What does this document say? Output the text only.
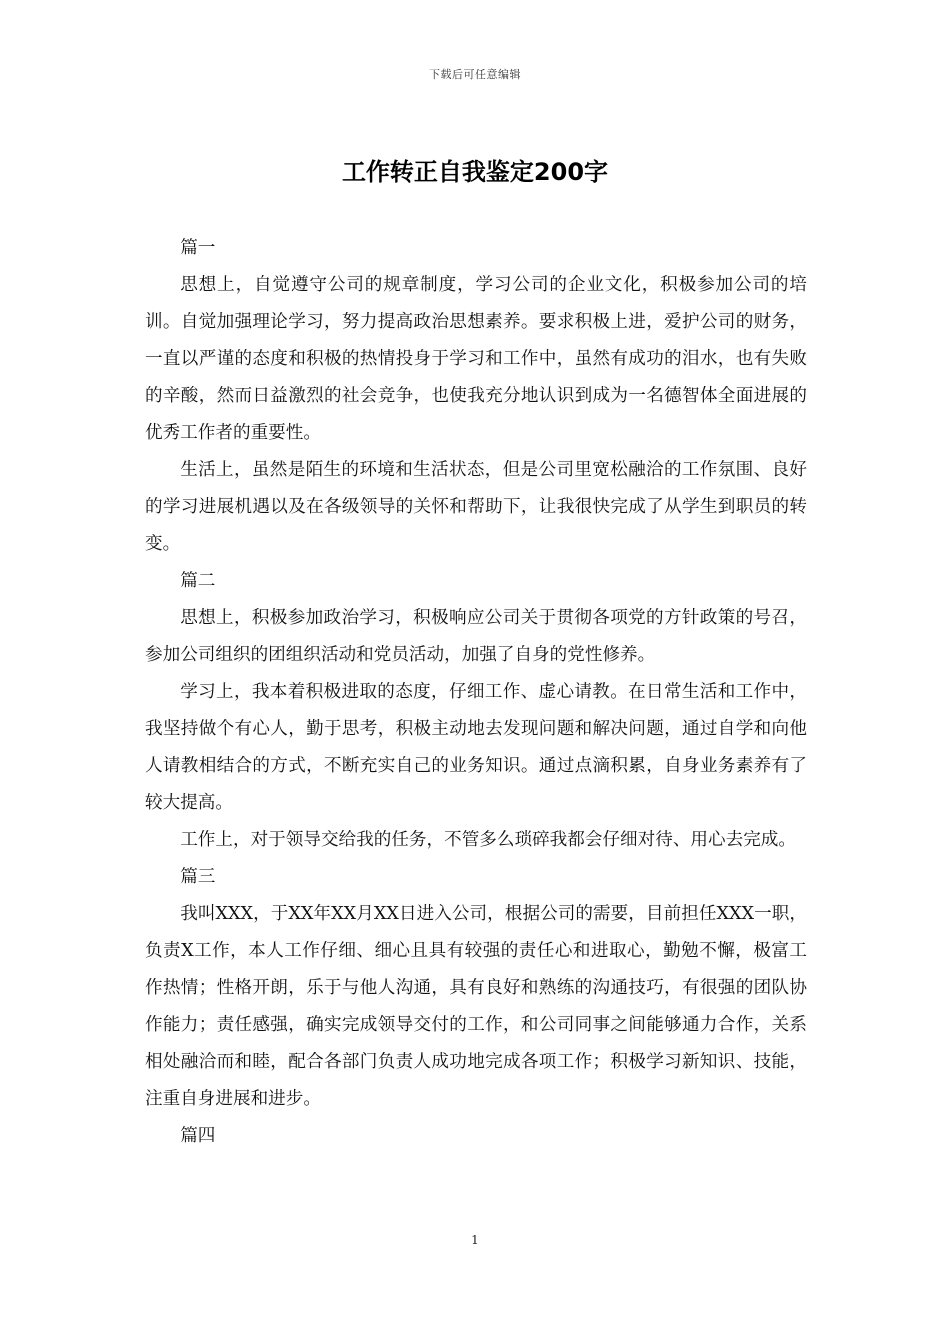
下载后可任意编辑
工作转正自我鉴定200字

篇一

思想上，自觉遵守公司的规章制度，学习公司的企业文化，积极参加公司的培训。自觉加强理论学习，努力提高政治思想素养。要求积极上进，爱护公司的财务，一直以严谨的态度和积极的热情投身于学习和工作中，虽然有成功的泪水，也有失败的辛酸，然而日益激烈的社会竞争，也使我充分地认识到成为一名德智体全面进展的优秀工作者的重要性。

生活上，虽然是陌生的环境和生活状态，但是公司里宽松融洽的工作氛围、良好的学习进展机遇以及在各级领导的关怀和帮助下，让我很快完成了从学生到职员的转变。

篇二

思想上，积极参加政治学习，积极响应公司关于贯彻各项党的方针政策的号召，参加公司组织的团组织活动和党员活动，加强了自身的党性修养。

学习上，我本着积极进取的态度，仔细工作、虚心请教。在日常生活和工作中，我坚持做个有心人，勤于思考，积极主动地去发现问题和解决问题，通过自学和向他人请教相结合的方式，不断充实自己的业务知识。通过点滴积累，自身业务素养有了较大提高。

工作上，对于领导交给我的任务，不管多么琐碎我都会仔细对待、用心去完成。

篇三

我叫XXX，于XX年XX月XX日进入公司，根据公司的需要，目前担任XXX一职，负责X工作，本人工作仔细、细心且具有较强的责任心和进取心，勤勉不懈，极富工作热情；性格开朗，乐于与他人沟通，具有良好和熟练的沟通技巧，有很强的团队协作能力；责任感强，确实完成领导交付的工作，和公司同事之间能够通力合作，关系相处融洽而和睦，配合各部门负责人成功地完成各项工作；积极学习新知识、技能，注重自身进展和进步。

篇四

1
